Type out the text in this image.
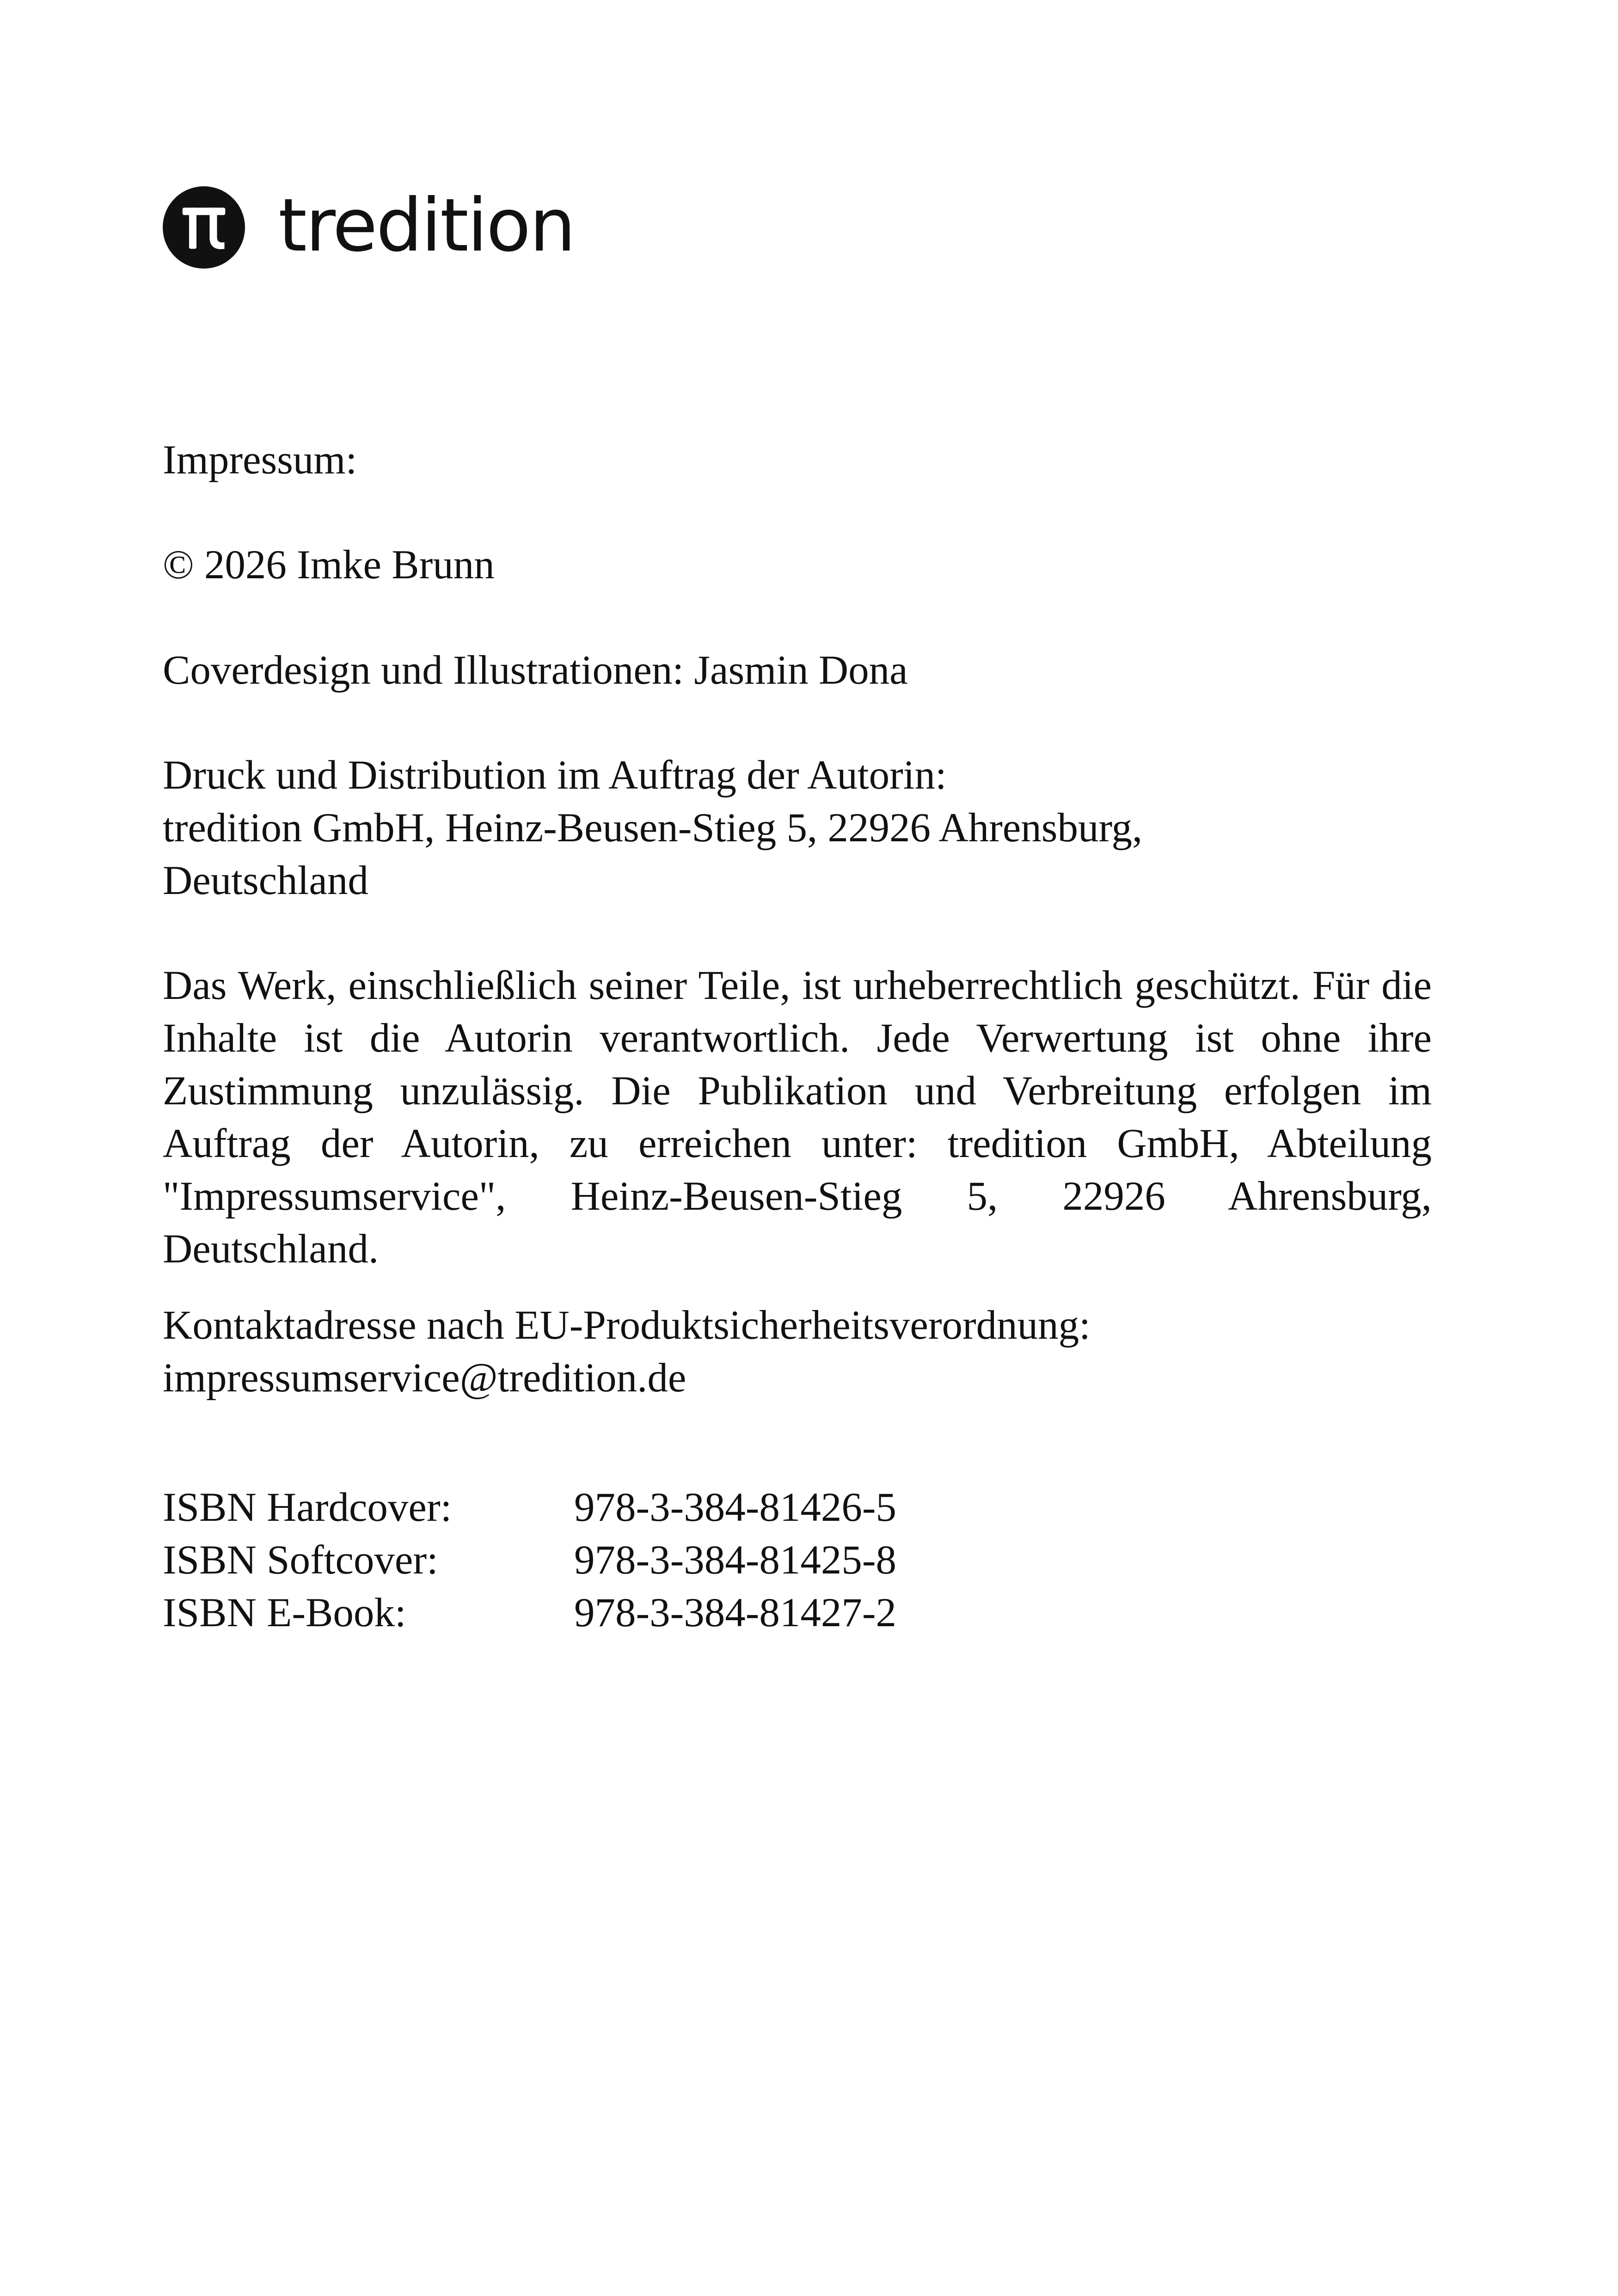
tredition

Impressum:

© 2026 Imke Brunn

Coverdesign und Illustrationen: Jasmin Dona

Druck und Distribution im Auftrag der Autorin:
tredition GmbH, Heinz-Beusen-Stieg 5, 22926 Ahrensburg,
Deutschland

Das Werk, einschließlich seiner Teile, ist urheberrechtlich geschützt. Für die Inhalte ist die Autorin verantwortlich. Jede Verwertung ist ohne ihre Zustimmung unzulässig. Die Publikation und Verbreitung erfolgen im Auftrag der Autorin, zu erreichen unter: tredition GmbH, Abteilung "Impressumservice", Heinz-Beusen-Stieg 5, 22926 Ahrensburg, Deutschland.

Kontaktadresse nach EU-Produktsicherheitsverordnung:
impressumservice@tredition.de

ISBN Hardcover:	978-3-384-81426-5
ISBN Softcover:	978-3-384-81425-8
ISBN E-Book:	978-3-384-81427-2
